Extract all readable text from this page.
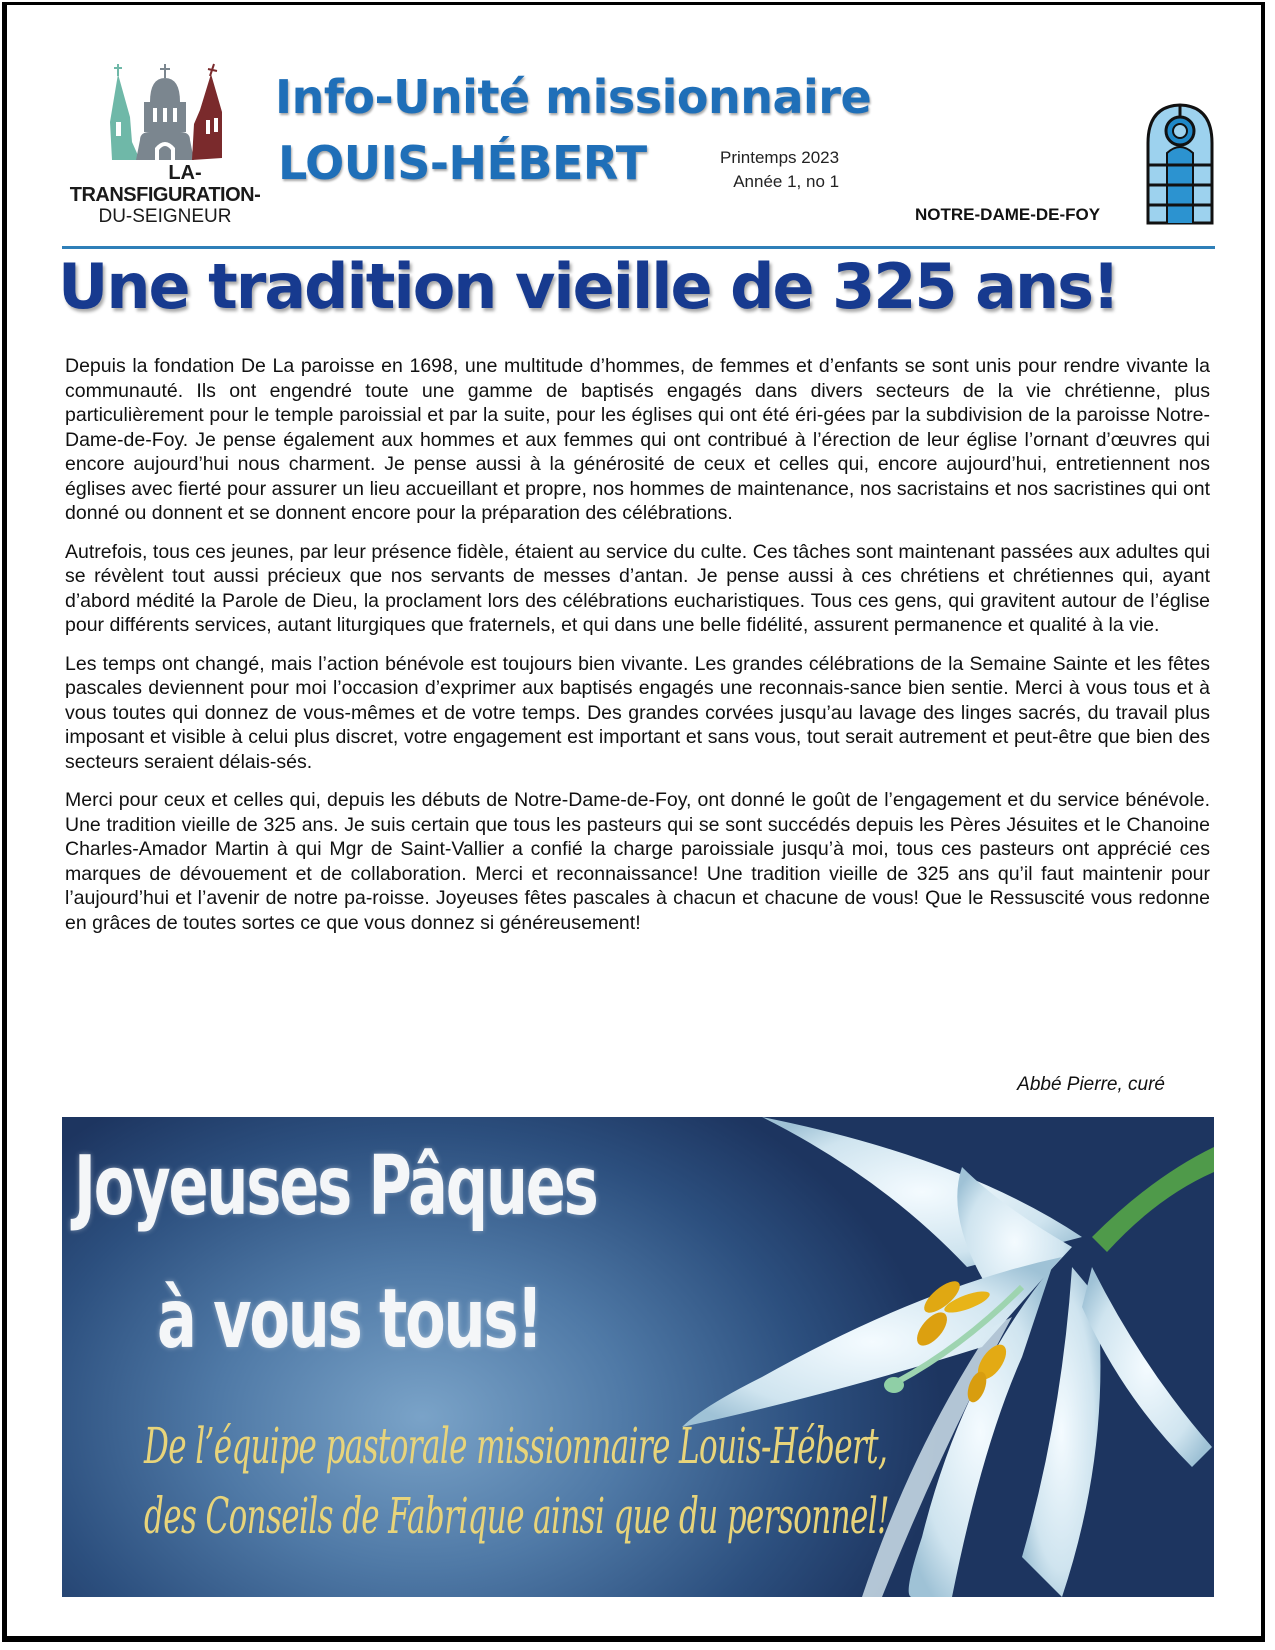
LA-
TRANSFIGURATION-
DU-SEIGNEUR
Info-Unité missionnaire
LOUIS-HÉBERT	Printemps 2023
Année 1, no 1
NOTRE-DAME-DE-FOY
Une tradition vieille de 325 ans!

Depuis la fondation De La paroisse en 1698, une multitude d’hommes, de femmes et d’enfants se sont unis pour rendre vivante la communauté. Ils ont engendré toute une gamme de baptisés engagés dans divers secteurs de la vie chrétienne, plus particulièrement pour le temple paroissial et par la suite, pour les églises qui ont été éri-gées par la subdivision de la paroisse Notre-Dame-de-Foy. Je pense également aux hommes et aux femmes qui ont contribué à l’érection de leur église l’ornant d’œuvres qui encore aujourd’hui nous charment. Je pense aussi à la générosité de ceux et celles qui, encore aujourd’hui, entretiennent nos églises avec fierté pour assurer un lieu accueillant et propre, nos hommes de maintenance, nos sacristains et nos sacristines qui ont donné ou donnent et se donnent encore pour la préparation des célébrations.

Autrefois, tous ces jeunes, par leur présence fidèle, étaient au service du culte. Ces tâches sont maintenant passées aux adultes qui se révèlent tout aussi précieux que nos servants de messes d’antan. Je pense aussi à ces chrétiens et chrétiennes qui, ayant d’abord médité la Parole de Dieu, la proclament lors des célébrations eucharistiques. Tous ces gens, qui gravitent autour de l’église pour différents services, autant liturgiques que fraternels, et qui dans une belle fidélité, assurent permanence et qualité à la vie.

Les temps ont changé, mais l’action bénévole est toujours bien vivante. Les grandes célébrations de la Semaine Sainte et les fêtes pascales deviennent pour moi l’occasion d’exprimer aux baptisés engagés une reconnais-sance bien sentie. Merci à vous tous et à vous toutes qui donnez de vous-mêmes et de votre temps. Des grandes corvées jusqu’au lavage des linges sacrés, du travail plus imposant et visible à celui plus discret, votre engagement est important et sans vous, tout serait autrement et peut-être que bien des secteurs seraient délais-sés.

Merci pour ceux et celles qui, depuis les débuts de Notre-Dame-de-Foy, ont donné le goût de l’engagement et du service bénévole. Une tradition vieille de 325 ans. Je suis certain que tous les pasteurs qui se sont succédés depuis les Pères Jésuites et le Chanoine Charles-Amador Martin à qui Mgr de Saint-Vallier a confié la charge paroissiale jusqu’à moi, tous ces pasteurs ont apprécié ces marques de dévouement et de collaboration. Merci et reconnaissance! Une tradition vieille de 325 ans qu’il faut maintenir pour l’aujourd’hui et l’avenir de notre pa-roisse. Joyeuses fêtes pascales à chacun et chacune de vous! Que le Ressuscité vous redonne en grâces de toutes sortes ce que vous donnez si généreusement!

Abbé Pierre, curé
Joyeuses Pâques
à vous tous!
De l’équipe pastorale missionnaire Louis-Hébert,
des Conseils de Fabrique ainsi que du personnel!
